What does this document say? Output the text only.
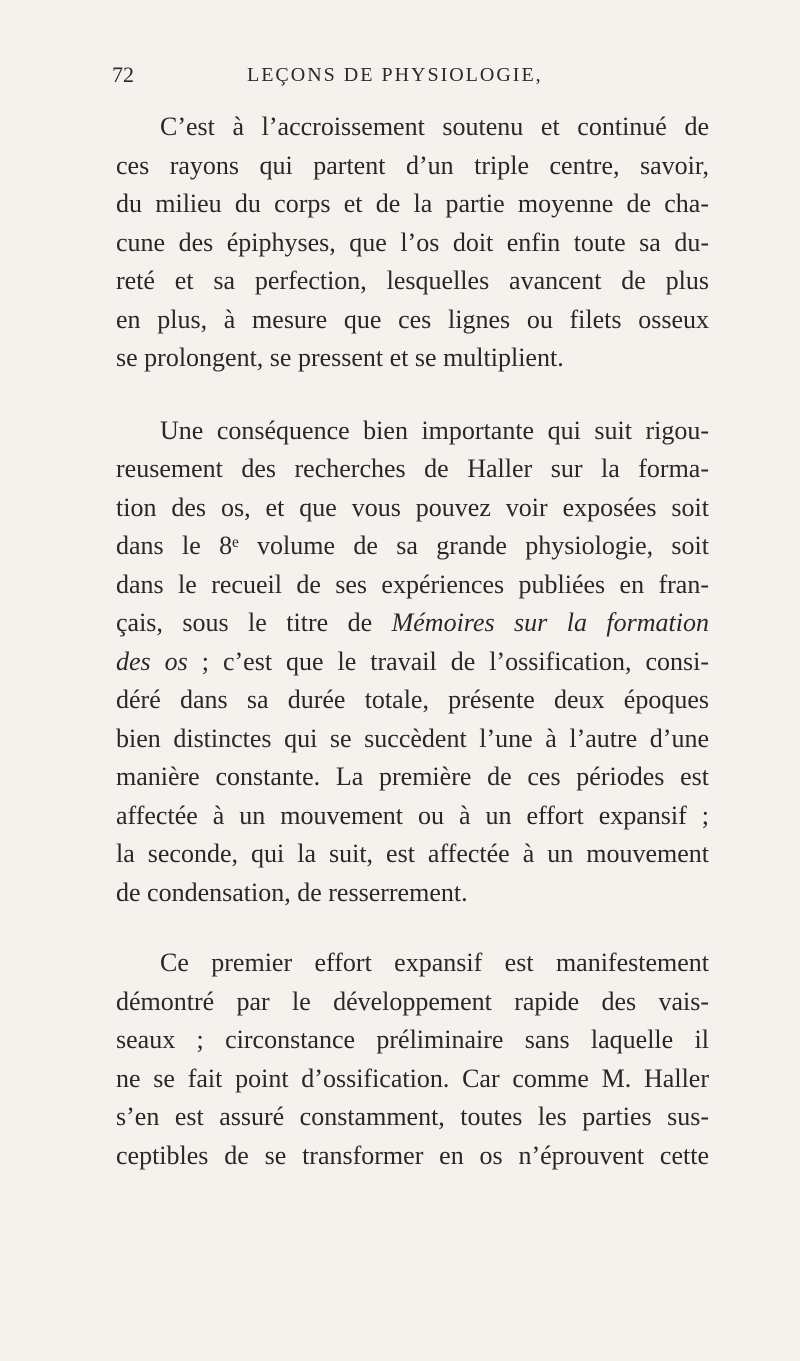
72	LEÇONS DE PHYSIOLOGIE,

C’est à l’accroissement soutenu et continué de
ces rayons qui partent d’un triple centre, savoir,
du milieu du corps et de la partie moyenne de cha-
cune des épiphyses, que l’os doit enfin toute sa du-
reté et sa perfection, lesquelles avancent de plus
en plus, à mesure que ces lignes ou filets osseux
se prolongent, se pressent et se multiplient.

Une conséquence bien importante qui suit rigou-
reusement des recherches de Haller sur la forma-
tion des os, et que vous pouvez voir exposées soit
dans le 8ᵉ volume de sa grande physiologie, soit
dans le recueil de ses expériences publiées en fran-
çais, sous le titre de Mémoires sur la formation
des os ; c’est que le travail de l’ossification, consi-
déré dans sa durée totale, présente deux époques
bien distinctes qui se succèdent l’une à l’autre d’une
manière constante. La première de ces périodes est
affectée à un mouvement ou à un effort expansif ;
la seconde, qui la suit, est affectée à un mouvement
de condensation, de resserrement.

Ce premier effort expansif est manifestement
démontré par le développement rapide des vais-
seaux ; circonstance préliminaire sans laquelle il
ne se fait point d’ossification. Car comme M. Haller
s’en est assuré constamment, toutes les parties sus-
ceptibles de se transformer en os n’éprouvent cette
